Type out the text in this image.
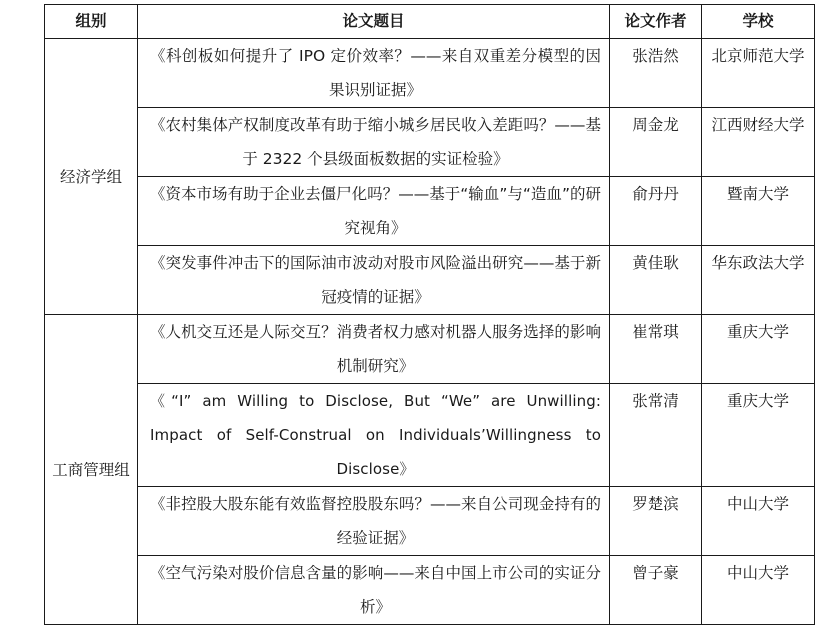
组别	论文题目	论文作者	学校
经济学组	《科创板如何提升了 IPO 定价效率？——来自双重差分模型的因果识别证据》	张浩然	北京师范大学
	《农村集体产权制度改革有助于缩小城乡居民收入差距吗？——基于 2322 个县级面板数据的实证检验》	周金龙	江西财经大学
	《资本市场有助于企业去僵尸化吗？——基于“输血”与“造血”的研究视角》	俞丹丹	暨南大学
	《突发事件冲击下的国际油市波动对股市风险溢出研究——基于新冠疫情的证据》	黄佳耿	华东政法大学
工商管理组	《人机交互还是人际交互？消费者权力感对机器人服务选择的影响机制研究》	崔常琪	重庆大学
	《“I” am Willing to Disclose, But “We” are Unwilling: Impact of Self-Construal on Individuals’Willingness to Disclose》	张常清	重庆大学
	《非控股大股东能有效监督控股股东吗？——来自公司现金持有的经验证据》	罗楚滨	中山大学
	《空气污染对股价信息含量的影响——来自中国上市公司的实证分析》	曾子豪	中山大学
